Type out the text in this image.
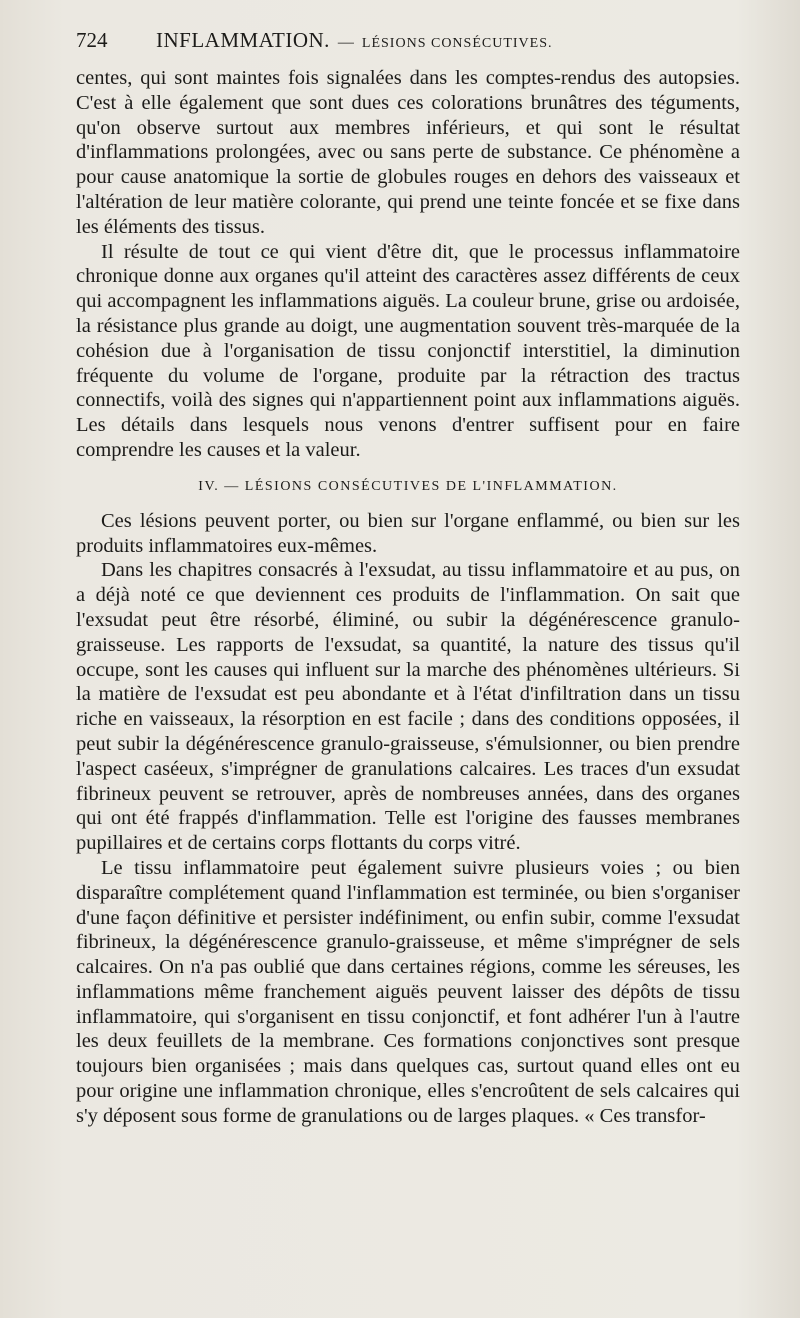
724	INFLAMMATION. — LÉSIONS CONSÉCUTIVES.

centes, qui sont maintes fois signalées dans les comptes-rendus des autopsies. C'est à elle également que sont dues ces colorations brunâtres des téguments, qu'on observe surtout aux membres inférieurs, et qui sont le résultat d'inflammations prolongées, avec ou sans perte de substance. Ce phénomène a pour cause anatomique la sortie de globules rouges en dehors des vaisseaux et l'altération de leur matière colorante, qui prend une teinte foncée et se fixe dans les éléments des tissus.

Il résulte de tout ce qui vient d'être dit, que le processus inflammatoire chronique donne aux organes qu'il atteint des caractères assez différents de ceux qui accompagnent les inflammations aiguës. La couleur brune, grise ou ardoisée, la résistance plus grande au doigt, une augmentation souvent très-marquée de la cohésion due à l'organisation de tissu conjonctif interstitiel, la diminution fréquente du volume de l'organe, produite par la rétraction des tractus connectifs, voilà des signes qui n'appartiennent point aux inflammations aiguës. Les détails dans lesquels nous venons d'entrer suffisent pour en faire comprendre les causes et la valeur.

IV. — LÉSIONS CONSÉCUTIVES DE L'INFLAMMATION.

Ces lésions peuvent porter, ou bien sur l'organe enflammé, ou bien sur les produits inflammatoires eux-mêmes.

Dans les chapitres consacrés à l'exsudat, au tissu inflammatoire et au pus, on a déjà noté ce que deviennent ces produits de l'inflammation. On sait que l'exsudat peut être résorbé, éliminé, ou subir la dégénérescence granulo-graisseuse. Les rapports de l'exsudat, sa quantité, la nature des tissus qu'il occupe, sont les causes qui influent sur la marche des phénomènes ultérieurs. Si la matière de l'exsudat est peu abondante et à l'état d'infiltration dans un tissu riche en vaisseaux, la résorption en est facile ; dans des conditions opposées, il peut subir la dégénérescence granulo-graisseuse, s'émulsionner, ou bien prendre l'aspect caséeux, s'imprégner de granulations calcaires. Les traces d'un exsudat fibrineux peuvent se retrouver, après de nombreuses années, dans des organes qui ont été frappés d'inflammation. Telle est l'origine des fausses membranes pupillaires et de certains corps flottants du corps vitré.

Le tissu inflammatoire peut également suivre plusieurs voies ; ou bien disparaître complétement quand l'inflammation est terminée, ou bien s'organiser d'une façon définitive et persister indéfiniment, ou enfin subir, comme l'exsudat fibrineux, la dégénérescence granulo-graisseuse, et même s'imprégner de sels calcaires. On n'a pas oublié que dans certaines régions, comme les séreuses, les inflammations même franchement aiguës peuvent laisser des dépôts de tissu inflammatoire, qui s'organisent en tissu conjonctif, et font adhérer l'un à l'autre les deux feuillets de la membrane. Ces formations conjonctives sont presque toujours bien organisées ; mais dans quelques cas, surtout quand elles ont eu pour origine une inflammation chronique, elles s'encroûtent de sels calcaires qui s'y déposent sous forme de granulations ou de larges plaques. « Ces transfor-
